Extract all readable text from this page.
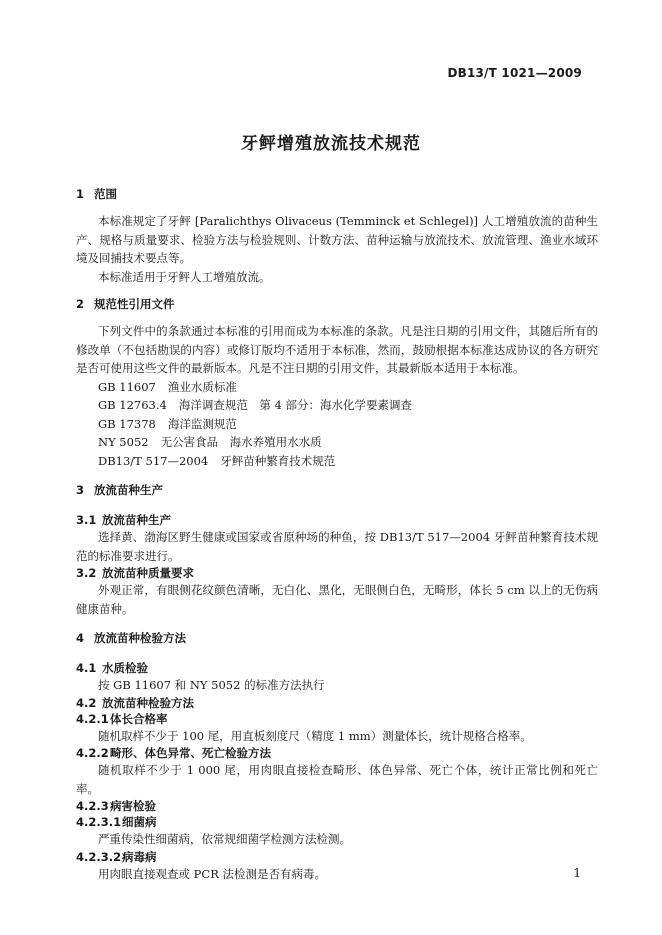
DB13/T 1021—2009
牙鲆增殖放流技术规范
1 范围
本标准规定了牙鲆 [Paralichthys Olivaceus (Temminck et Schlegel)] 人工增殖放流的苗种生产、规格与质量要求、检验方法与检验规则、计数方法、苗种运输与放流技术、放流管理、渔业水域环境及回捕技术要点等。
本标准适用于牙鲆人工增殖放流。
2 规范性引用文件
下列文件中的条款通过本标准的引用而成为本标准的条款。凡是注日期的引用文件，其随后所有的修改单（不包括勘误的内容）或修订版均不适用于本标准，然而，鼓励根据本标准达成协议的各方研究是否可使用这些文件的最新版本。凡是不注日期的引用文件，其最新版本适用于本标准。
GB 11607 渔业水质标准
GB 12763.4 海洋调查规范　第 4 部分：海水化学要素调查
GB 17378 海洋监测规范
NY 5052 无公害食品　海水养殖用水水质
DB13/T 517—2004 牙鲆苗种繁育技术规范
3 放流苗种生产
3.1 放流苗种生产
选择黄、渤海区野生健康或国家或省原种场的种鱼，按 DB13/T 517—2004 牙鲆苗种繁育技术规范的标准要求进行。
3.2 放流苗种质量要求
外观正常，有眼侧花纹颜色清晰，无白化、黑化，无眼侧白色，无畸形，体长 5 cm 以上的无伤病健康苗种。
4 放流苗种检验方法
4.1 水质检验
按 GB 11607 和 NY 5052 的标准方法执行
4.2 放流苗种检验方法
4.2.1体长合格率
随机取样不少于 100 尾，用直板刻度尺（精度 1 mm）测量体长，统计规格合格率。
4.2.2畸形、体色异常、死亡检验方法
随机取样不少于 1 000 尾，用肉眼直接检查畸形、体色异常、死亡个体，统计正常比例和死亡率。
4.2.3病害检验
4.2.3.1细菌病
严重传染性细菌病，依常规细菌学检测方法检测。
4.2.3.2病毒病
用肉眼直接观查或 PCR 法检测是否有病毒。	1
